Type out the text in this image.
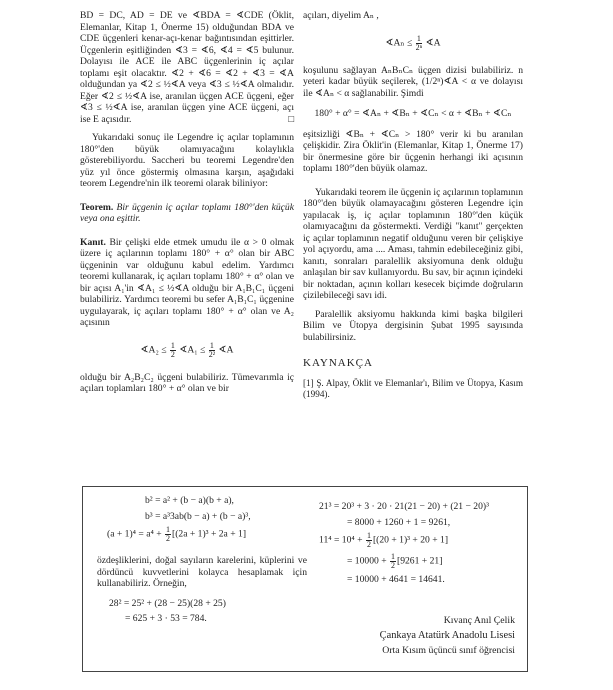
BD = DC, AD = DE ve ∢BDA = ∢CDE (Öklit, Elemanlar, Kitap 1, Önerme 15) olduğundan BDA ve CDE üçgenleri kenar-açı-kenar bağıntısından eşittirler. Üçgenlerin eşitliğinden ∢3 = ∢6, ∢4 = ∢5 bulunur. Dolayısı ile ACE ile ABC üçgenlerinin iç açılar toplamı eşit olacaktır. ∢2 + ∢6 = ∢2 + ∢3 = ∢A olduğundan ya ∢2 ≤ ½∢A veya ∢3 ≤ ½∢A olmalıdır. Eğer ∢2 ≤ ½∢A ise, aranılan üçgen ACE üçgeni, eğer ∢3 ≤ ½∢A ise, aranılan üçgen yine ACE üçgeni, açı ise E açısıdır.	□

Yukarıdaki sonuç ile Legendre iç açılar toplamının 180°'den büyük olamıyacağını kolaylıkla gösterebiliyordu. Saccheri bu teoremi Legendre'den yüz yıl önce göstermiş olmasına karşın, aşağıdaki teorem Legendre'nin ilk teoremi olarak biliniyor:

Teorem. Bir üçgenin iç açılar toplamı 180°'den küçük veya ona eşittir.

Kanıt. Bir çelişki elde etmek umudu ile α > 0 olmak üzere iç açılarının toplamı 180° + α° olan bir ABC üçgeninin var olduğunu kabul edelim. Yardımcı teoremi kullanarak, iç açıları toplamı 180° + α° olan ve bir açısı A₁'in ∢A₁ ≤ ½∢A olduğu bir A₁B₁C₁ üçgeni bulabiliriz. Yardımcı teoremi bu sefer A₁B₁C₁ üçgenine uygulayarak, iç açıları toplamı 180° + α° olan ve A₂ açısının

∢A₂ ≤ $\frac{1}{2}$ ∢A₁ ≤ $\frac{1}{\text{2²}}$ ∢A

olduğu bir A₂B₂C₂ üçgeni bulabiliriz. Tümevarımla iç açıları toplamları 180° + α° olan ve bir

açıları, diyelim Aₙ ,

∢Aₙ ≤ $\frac{1}{\text{2ⁿ}}$ ∢A

koşulunu sağlayan AₙBₙCₙ üçgen dizisi bulabiliriz. n yeteri kadar büyük seçilerek, (1/2ⁿ)∢A < α ve dolayısı ile ∢Aₙ < α sağlanabilir. Şimdi

180° + α° = ∢Aₙ + ∢Bₙ + ∢Cₙ < α + ∢Bₙ + ∢Cₙ

eşitsizliği ∢Bₙ + ∢Cₙ > 180° verir ki bu aranılan çelişkidir. Zira Öklit'in (Elemanlar, Kitap 1, Önerme 17) bir önermesine göre bir üçgenin herhangi iki açısının toplamı 180°'den büyük olamaz.

Yukarıdaki teorem ile üçgenin iç açılarının toplamının 180°'den büyük olamayacağını gösteren Legendre için yapılacak iş, iç açılar toplamının 180°'den küçük olamıyacağını da göstermekti. Verdiği "kanıt" gerçekten iç açılar toplamının negatif olduğunu veren bir çelişkiye yol açıyordu, ama .... Aması, tahmin edebileceğiniz gibi, kanıtı, sonraları paralellik aksiyomuna denk olduğu anlaşılan bir sav kullanıyordu. Bu sav, bir açının içindeki bir noktadan, açının kolları kesecek biçimde doğruların çizilebileceği savı idi.

Paralellik aksiyomu hakkında kimi başka bilgileri Bilim ve Ütopya dergisinin Şubat 1995 sayısında bulabilirsiniz.

KAYNAKÇA

[1] Ş. Alpay, Öklit ve Elemanlar'ı, Bilim ve Ütopya, Kasım (1994).

b² = a² + (b − a)(b + a),
b³ = a³3ab(b − a) + (b − a)³,
$(a + 1)^4 = a^4 + \frac{1}{2} [(2a + 1)^3 + 2a + 1]$

özdeşliklerini, doğal sayıların karelerini, küplerini ve dördüncü kuvvetlerini kolayca hesaplamak için kullanabiliriz. Örneğin,

28² = 25² + (28 − 25)(28 + 25)
= 625 + 3 · 53 = 784.
21³ = 20³ + 3 · 20 · 21(21 − 20) + (21 − 20)³
= 8000 + 1260 + 1 = 9261,
$11^4 = 10^4 + \frac{1}{2} [(20 + 1)^3 + 20 + 1]$
= $10000 + \frac{1}{2} [9261 + 21]$
= 10000 + 4641 = 14641.
Kıvanç Anıl Çelik
Çankaya Atatürk Anadolu Lisesi
Orta Kısım üçüncü sınıf öğrencisi
